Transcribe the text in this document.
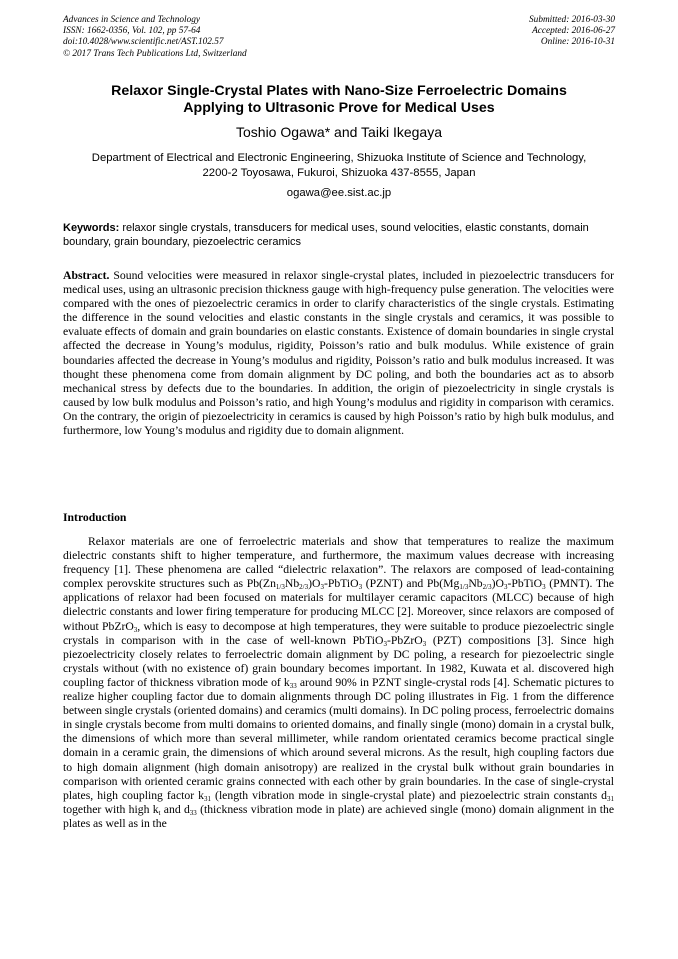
Advances in Science and Technology
ISSN: 1662-0356, Vol. 102, pp 57-64
doi:10.4028/www.scientific.net/AST.102.57
© 2017 Trans Tech Publications Ltd, Switzerland
Submitted: 2016-03-30
Accepted: 2016-06-27
Online: 2016-10-31
Relaxor Single-Crystal Plates with Nano-Size Ferroelectric Domains
Applying to Ultrasonic Prove for Medical Uses
Toshio Ogawa* and Taiki Ikegaya
Department of Electrical and Electronic Engineering, Shizuoka Institute of Science and Technology,
2200-2 Toyosawa, Fukuroi, Shizuoka 437-8555, Japan
ogawa@ee.sist.ac.jp
Keywords: relaxor single crystals, transducers for medical uses, sound velocities, elastic constants, domain boundary, grain boundary, piezoelectric ceramics
Abstract. Sound velocities were measured in relaxor single-crystal plates, included in piezoelectric transducers for medical uses, using an ultrasonic precision thickness gauge with high-frequency pulse generation. The velocities were compared with the ones of piezoelectric ceramics in order to clarify characteristics of the single crystals. Estimating the difference in the sound velocities and elastic constants in the single crystals and ceramics, it was possible to evaluate effects of domain and grain boundaries on elastic constants. Existence of domain boundaries in single crystal affected the decrease in Young’s modulus, rigidity, Poisson’s ratio and bulk modulus. While existence of grain boundaries affected the decrease in Young’s modulus and rigidity, Poisson’s ratio and bulk modulus increased. It was thought these phenomena come from domain alignment by DC poling, and both the boundaries act as to absorb mechanical stress by defects due to the boundaries. In addition, the origin of piezoelectricity in single crystals is caused by low bulk modulus and Poisson’s ratio, and high Young’s modulus and rigidity in comparison with ceramics. On the contrary, the origin of piezoelectricity in ceramics is caused by high Poisson’s ratio by high bulk modulus, and furthermore, low Young’s modulus and rigidity due to domain alignment.
Introduction
Relaxor materials are one of ferroelectric materials and show that temperatures to realize the maximum dielectric constants shift to higher temperature, and furthermore, the maximum values decrease with increasing frequency [1]. These phenomena are called “dielectric relaxation”. The relaxors are composed of lead-containing complex perovskite structures such as $Pb(Zn_{1/3}Nb_{2/3})O_3-PbTiO_3$ (PZNT) and $Pb(Mg_{1/3}Nb_{2/3})O_3-PbTiO_3$ (PMNT). The applications of relaxor had been focused on materials for multilayer ceramic capacitors (MLCC) because of high dielectric constants and lower firing temperature for producing MLCC [2]. Moreover, since relaxors are composed of without PbZrO$_3$, which is easy to decompose at high temperatures, they were suitable to produce piezoelectric single crystals in comparison with in the case of well-known PbTiO$_3$-PbZrO$_3$ (PZT) compositions [3]. Since high piezoelectricity closely relates to ferroelectric domain alignment by DC poling, a research for piezoelectric single crystals without (with no existence of) grain boundary becomes important. In 1982, Kuwata et al. discovered high coupling factor of thickness vibration mode of $k_{33}$ around 90% in PZNT single-crystal rods [4]. Schematic pictures to realize higher coupling factor due to domain alignments through DC poling illustrates in Fig. 1 from the difference between single crystals (oriented domains) and ceramics (multi domains). In DC poling process, ferroelectric domains in single crystals become from multi domains to oriented domains, and finally single (mono) domain in a crystal bulk, the dimensions of which more than several millimeter, while random orientated ceramics become practical single domain in a ceramic grain, the dimensions of which around several microns. As the result, high coupling factors due to high domain alignment (high domain anisotropy) are realized in the crystal bulk without grain boundaries in comparison with oriented ceramic grains connected with each other by grain boundaries. In the case of single-crystal plates, high coupling factor $k_{31}$ (length vibration mode in single-crystal plate) and piezoelectric strain constants $d_{31}$ together with high $k_t$ and $d_{33}$ (thickness vibration mode in plate) are achieved single (mono) domain alignment in the plates as well as in the
